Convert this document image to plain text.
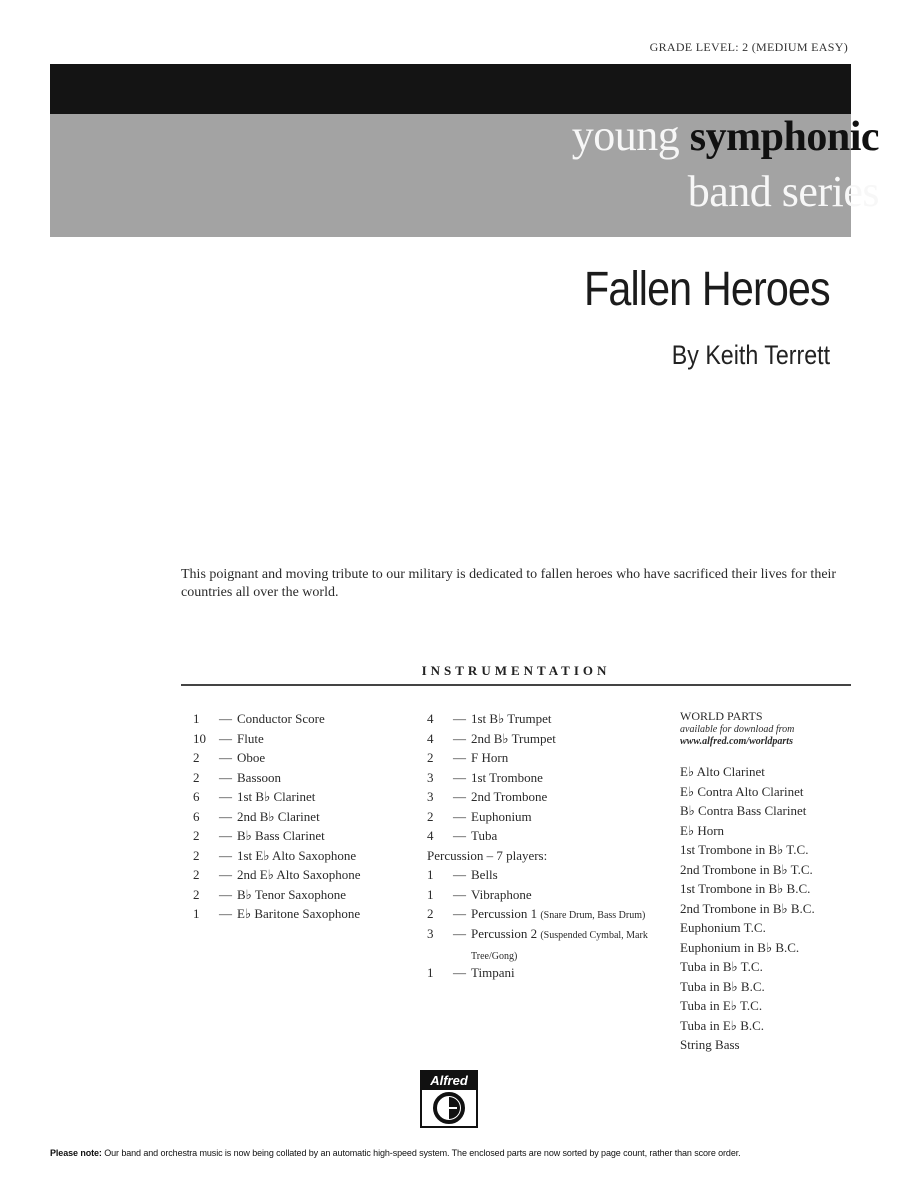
GRADE LEVEL: 2 (MEDIUM EASY)
young symphonic
band series
Fallen Heroes
By Keith Terrett
This poignant and moving tribute to our military is dedicated to fallen heroes who have sacrificed their lives for their countries all over the world.
INSTRUMENTATION
1	— Conductor Score
10	— Flute
2	— Oboe
2	— Bassoon
6	— 1st B♭ Clarinet
6	— 2nd B♭ Clarinet
2	— B♭ Bass Clarinet
2	— 1st E♭ Alto Saxophone
2	— 2nd E♭ Alto Saxophone
2	— B♭ Tenor Saxophone
1	— E♭ Baritone Saxophone
4	— 1st B♭ Trumpet
4	— 2nd B♭ Trumpet
2	— F Horn
3	— 1st Trombone
3	— 2nd Trombone
2	— Euphonium
4	— Tuba
Percussion – 7 players:
1	— Bells
1	— Vibraphone
2	— Percussion 1 (Snare Drum, Bass Drum)
3	— Percussion 2 (Suspended Cymbal, Mark Tree/Gong)
1	— Timpani
WORLD PARTS
available for download from
www.alfred.com/worldparts
E♭ Alto Clarinet
E♭ Contra Alto Clarinet
B♭ Contra Bass Clarinet
E♭ Horn
1st Trombone in B♭ T.C.
2nd Trombone in B♭ T.C.
1st Trombone in B♭ B.C.
2nd Trombone in B♭ B.C.
Euphonium T.C.
Euphonium in B♭ B.C.
Tuba in B♭ T.C.
Tuba in B♭ B.C.
Tuba in E♭ T.C.
Tuba in E♭ B.C.
String Bass
Alfred
Please note: Our band and orchestra music is now being collated by an automatic high-speed system. The enclosed parts are now sorted by page count, rather than score order.
